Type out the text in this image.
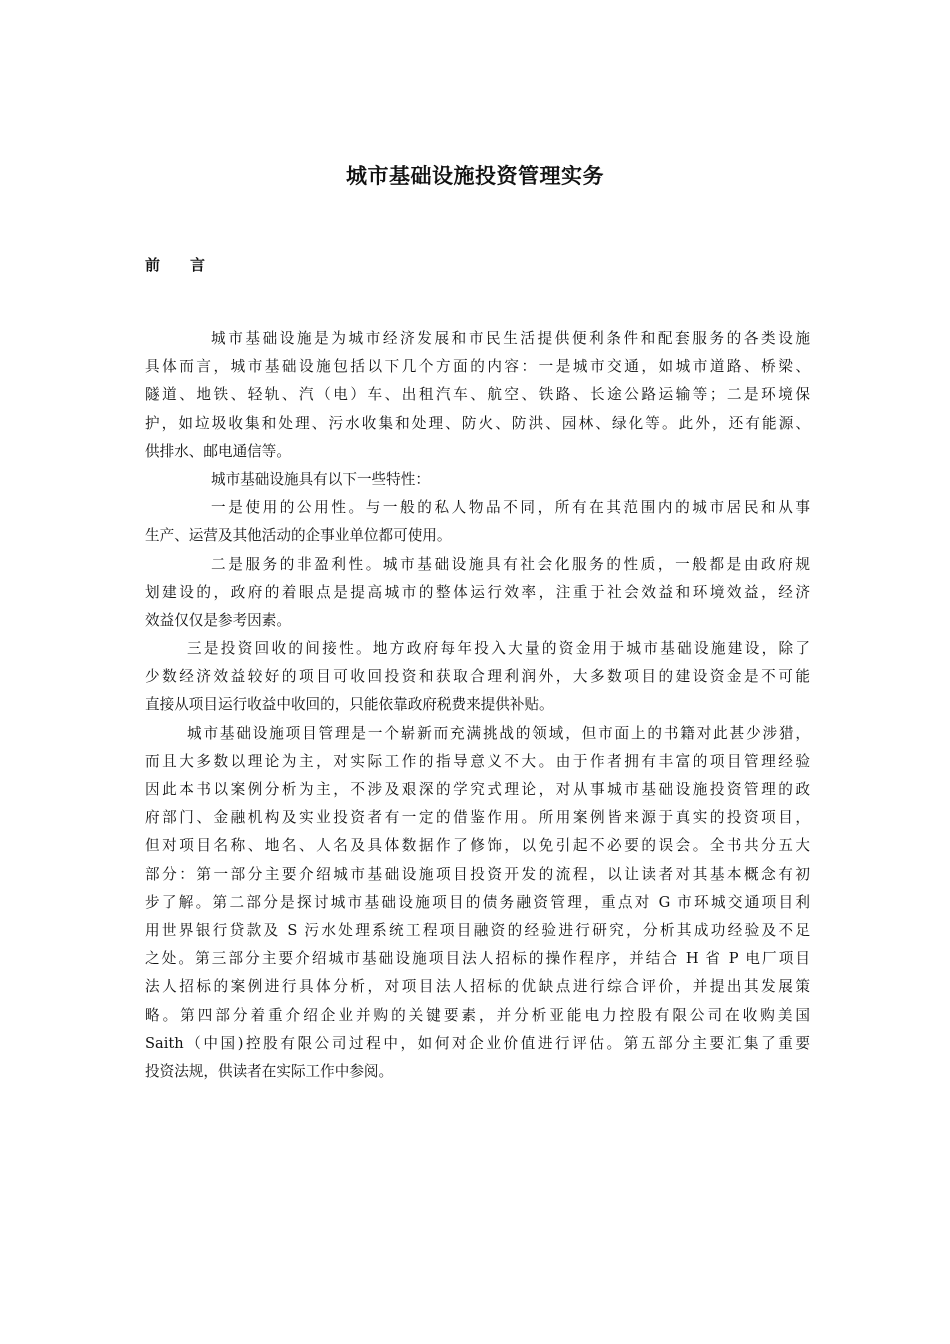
城市基础设施投资管理实务
前 言
城市基础设施是为城市经济发展和市民生活提供便利条件和配套服务的各类设施
具体而言，城市基础设施包括以下几个方面的内容：一是城市交通，如城市道路、桥梁、
隧道、地铁、轻轨、汽（电）车、出租汽车、航空、铁路、长途公路运输等；二是环境保
护，如垃圾收集和处理、污水收集和处理、防火、防洪、园林、绿化等。此外，还有能源、
供排水、邮电通信等。
城市基础设施具有以下一些特性：
一是使用的公用性。与一般的私人物品不同，所有在其范围内的城市居民和从事
生产、运营及其他活动的企事业单位都可使用。
二是服务的非盈利性。城市基础设施具有社会化服务的性质，一般都是由政府规
划建设的，政府的着眼点是提高城市的整体运行效率，注重于社会效益和环境效益，经济
效益仅仅是参考因素。
三是投资回收的间接性。地方政府每年投入大量的资金用于城市基础设施建设，除了
少数经济效益较好的项目可收回投资和获取合理利润外，大多数项目的建设资金是不可能
直接从项目运行收益中收回的，只能依靠政府税费来提供补贴。
城市基础设施项目管理是一个崭新而充满挑战的领域，但市面上的书籍对此甚少涉猎，
而且大多数以理论为主，对实际工作的指导意义不大。由于作者拥有丰富的项目管理经验
因此本书以案例分析为主，不涉及艰深的学究式理论，对从事城市基础设施投资管理的政
府部门、金融机构及实业投资者有一定的借鉴作用。所用案例皆来源于真实的投资项目，
但对项目名称、地名、人名及具体数据作了修饰，以免引起不必要的误会。全书共分五大
部分：第一部分主要介绍城市基础设施项目投资开发的流程，以让读者对其基本概念有初
步了解。第二部分是探讨城市基础设施项目的债务融资管理，重点对 G 市环城交通项目利
用世界银行贷款及 S 污水处理系统工程项目融资的经验进行研究，分析其成功经验及不足
之处。第三部分主要介绍城市基础设施项目法人招标的操作程序，并结合 H 省 P 电厂项目
法人招标的案例进行具体分析，对项目法人招标的优缺点进行综合评价，并提出其发展策
略。第四部分着重介绍企业并购的关键要素，并分析亚能电力控股有限公司在收购美国
Saith（中国)控股有限公司过程中，如何对企业价值进行评估。第五部分主要汇集了重要
投资法规，供读者在实际工作中参阅。
